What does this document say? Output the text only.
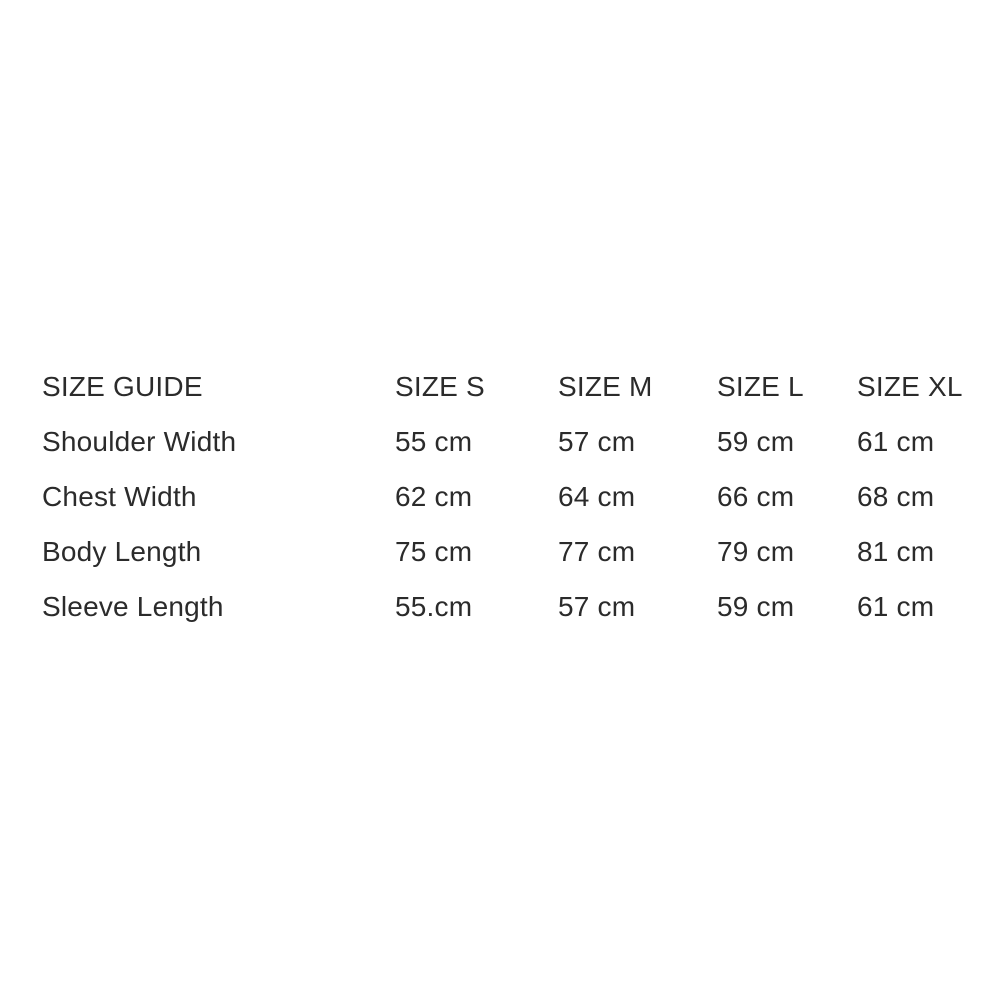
SIZE GUIDE	SIZE S	SIZE M	SIZE L	SIZE XL
Shoulder Width	55 cm	57 cm	59 cm	61 cm
Chest Width	62 cm	64 cm	66 cm	68 cm
Body Length	75 cm	77 cm	79 cm	81 cm
Sleeve Length	55.cm	57 cm	59 cm	61 cm
